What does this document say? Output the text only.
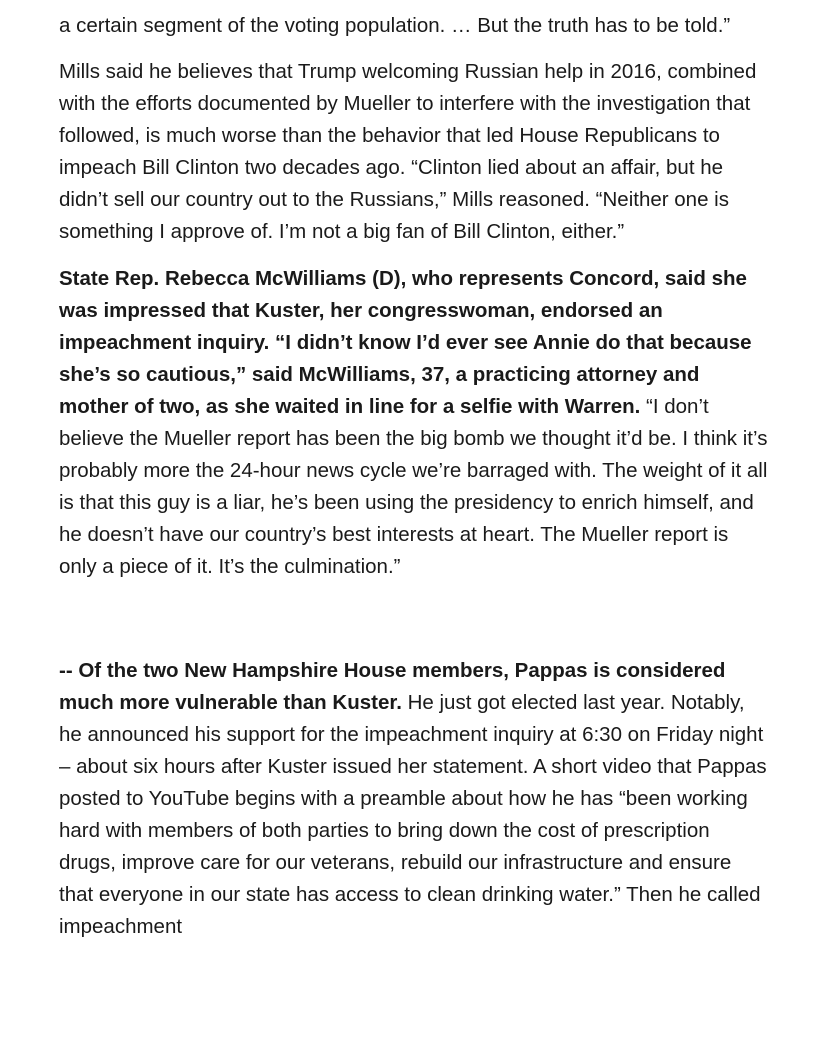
a certain segment of the voting population. … But the truth has to be told.”

Mills said he believes that Trump welcoming Russian help in 2016, combined with the efforts documented by Mueller to interfere with the investigation that followed, is much worse than the behavior that led House Republicans to impeach Bill Clinton two decades ago. “Clinton lied about an affair, but he didn’t sell our country out to the Russians,” Mills reasoned. “Neither one is something I approve of. I’m not a big fan of Bill Clinton, either.”

State Rep. Rebecca McWilliams (D), who represents Concord, said she was impressed that Kuster, her congresswoman, endorsed an impeachment inquiry. “I didn’t know I’d ever see Annie do that because she’s so cautious,” said McWilliams, 37, a practicing attorney and mother of two, as she waited in line for a selfie with Warren. “I don’t believe the Mueller report has been the big bomb we thought it’d be. I think it’s probably more the 24-hour news cycle we’re barraged with. The weight of it all is that this guy is a liar, he’s been using the presidency to enrich himself, and he doesn’t have our country’s best interests at heart. The Mueller report is only a piece of it. It’s the culmination.”

-- Of the two New Hampshire House members, Pappas is considered much more vulnerable than Kuster. He just got elected last year. Notably, he announced his support for the impeachment inquiry at 6:30 on Friday night – about six hours after Kuster issued her statement. A short video that Pappas posted to YouTube begins with a preamble about how he has “been working hard with members of both parties to bring down the cost of prescription drugs, improve care for our veterans, rebuild our infrastructure and ensure that everyone in our state has access to clean drinking water.” Then he called impeachment
